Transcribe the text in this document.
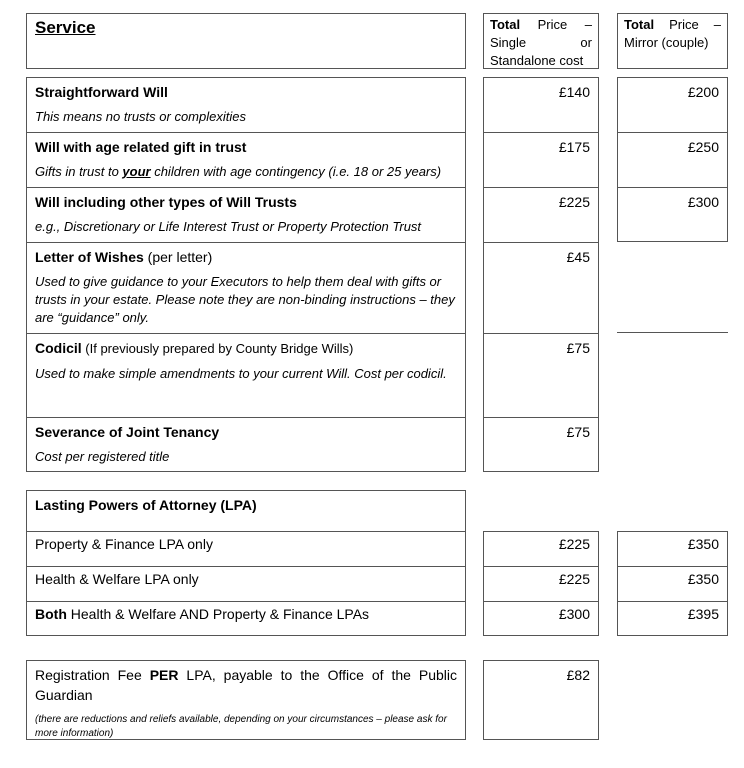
Service	Total Price – Single or Standalone cost
Total Price – Mirror (couple)
Straightforward Will
This means no trusts or complexities
Will with age related gift in trust
Gifts in trust to your children with age contingency (i.e. 18 or 25 years)
Will including other types of Will Trusts
e.g., Discretionary or Life Interest Trust or Property Protection Trust
Letter of Wishes (per letter)
Used to give guidance to your Executors to help them deal with gifts or trusts in your estate. Please note they are non-binding instructions – they are “guidance” only.
Codicil (If previously prepared by County Bridge Wills)
Used to make simple amendments to your current Will. Cost per codicil.
Severance of Joint Tenancy
Cost per registered title
£140
£175
£225
£45
£75
£75
£200
£250
£300
Lasting Powers of Attorney (LPA)
Property & Finance LPA only
Health & Welfare LPA only
Both Health & Welfare AND Property & Finance LPAs
£225
£225
£300
£350
£350
£395
Registration Fee PER LPA, payable to the Office of the Public Guardian
(there are reductions and reliefs available, depending on your circumstances – please ask for more information)
£82
